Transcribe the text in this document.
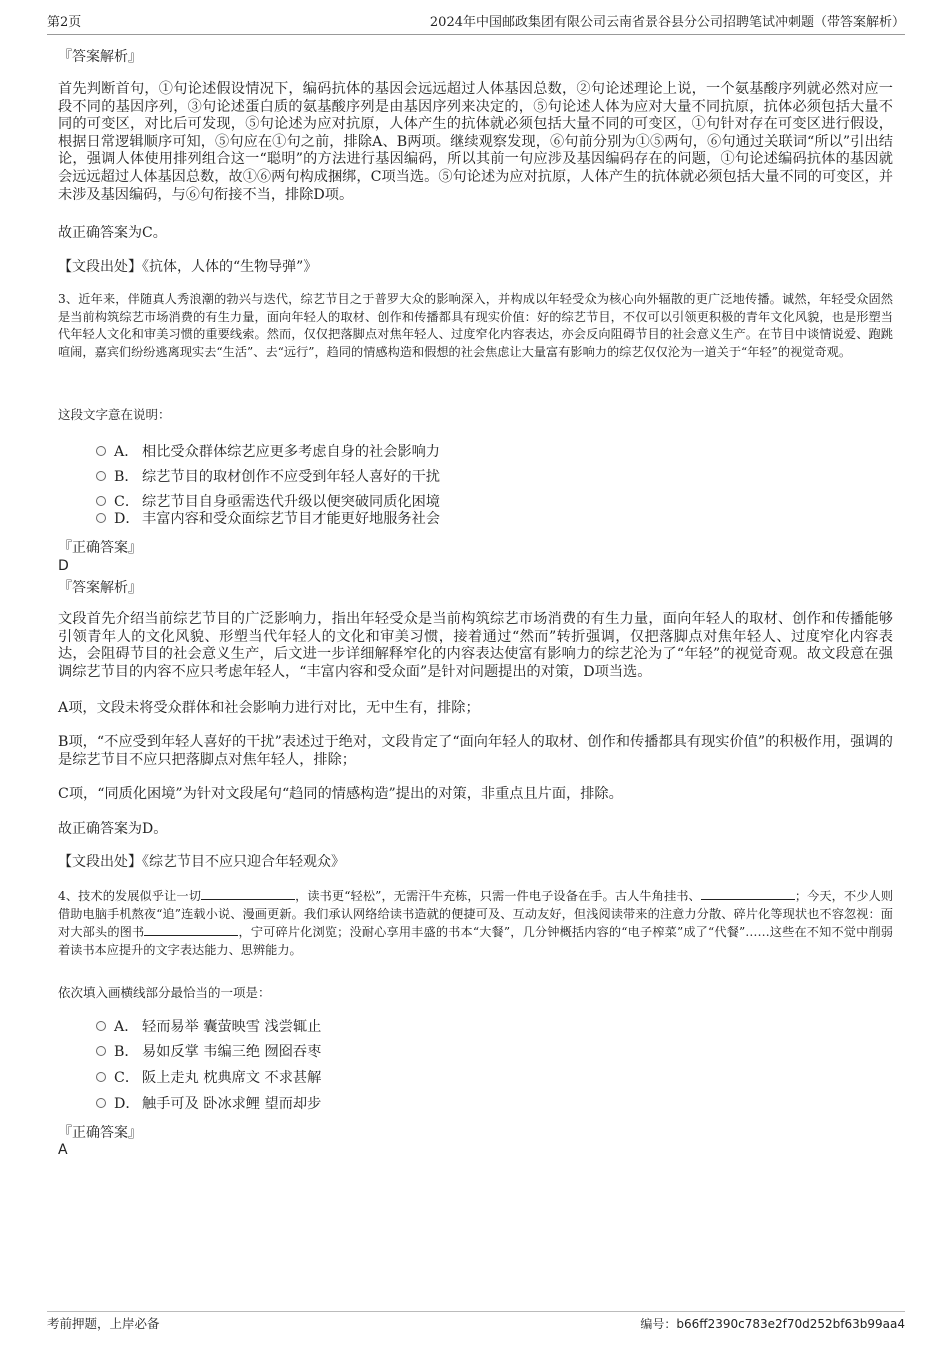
第2页	2024年中国邮政集团有限公司云南省景谷县分公司招聘笔试冲刺题（带答案解析）
『答案解析』

首先判断首句，①句论述假设情况下，编码抗体的基因会远远超过人体基因总数，②句论述理论上说，一个氨基酸序列就必然对应一段不同的基因序列，③句论述蛋白质的氨基酸序列是由基因序列来决定的，⑤句论述人体为应对大量不同抗原，抗体必须包括大量不同的可变区，对比后可发现，⑤句论述为应对抗原，人体产生的抗体就必须包括大量不同的可变区，①句针对存在可变区进行假设，根据日常逻辑顺序可知，⑤句应在①句之前，排除A、B两项。继续观察发现，⑥句前分别为①⑤两句，⑥句通过关联词“所以”引出结论，强调人体使用排列组合这一“聪明”的方法进行基因编码，所以其前一句应涉及基因编码存在的问题，①句论述编码抗体的基因就会远远超过人体基因总数，故①⑥两句构成捆绑，C项当选。⑤句论述为应对抗原，人体产生的抗体就必须包括大量不同的可变区，并未涉及基因编码，与⑥句衔接不当，排除D项。

故正确答案为C。
【文段出处】《抗体，人体的“生物导弹”》

3、近年来，伴随真人秀浪潮的勃兴与迭代，综艺节目之于普罗大众的影响深入，并构成以年轻受众为核心向外辐散的更广泛地传播。诚然，年轻受众固然是当前构筑综艺市场消费的有生力量，面向年轻人的取材、创作和传播都具有现实价值：好的综艺节目，不仅可以引领更积极的青年文化风貌，也是形塑当代年轻人文化和审美习惯的重要线索。然而，仅仅把落脚点对焦年轻人、过度窄化内容表达，亦会反向阻碍节目的社会意义生产。在节目中谈情说爱、跑跳喧闹，嘉宾们纷纷逃离现实去“生活”、去“远行”，趋同的情感构造和假想的社会焦虑让大量富有影响力的综艺仅仅沦为一道关于“年轻”的视觉奇观。

这段文字意在说明：
A． 相比受众群体综艺应更多考虑自身的社会影响力
B． 综艺节目的取材创作不应受到年轻人喜好的干扰
C． 综艺节目自身亟需迭代升级以便突破同质化困境
D． 丰富内容和受众面综艺节目才能更好地服务社会
『正确答案』
D
『答案解析』

文段首先介绍当前综艺节目的广泛影响力，指出年轻受众是当前构筑综艺市场消费的有生力量，面向年轻人的取材、创作和传播能够引领青年人的文化风貌、形塑当代年轻人的文化和审美习惯，接着通过“然而”转折强调，仅把落脚点对焦年轻人、过度窄化内容表达，会阻碍节目的社会意义生产，后文进一步详细解释窄化的内容表达使富有影响力的综艺沦为了“年轻”的视觉奇观。故文段意在强调综艺节目的内容不应只考虑年轻人，“丰富内容和受众面”是针对问题提出的对策，D项当选。

A项，文段未将受众群体和社会影响力进行对比，无中生有，排除；

B项，“不应受到年轻人喜好的干扰”表述过于绝对，文段肯定了“面向年轻人的取材、创作和传播都具有现实价值”的积极作用，强调的是综艺节目不应只把落脚点对焦年轻人，排除；

C项，“同质化困境”为针对文段尾句“趋同的情感构造”提出的对策，非重点且片面，排除。

故正确答案为D。
【文段出处】《综艺节目不应只迎合年轻观众》

4、技术的发展似乎让一切	，读书更“轻松”，无需汗牛充栋，只需一件电子设备在手。古人牛角挂书、	；今天，不少人则借助电脑手机熬夜“追”连载小说、漫画更新。我们承认网络给读书造就的便捷可及、互动友好，但浅阅读带来的注意力分散、碎片化等现状也不容忽视：面对大部头的图书	，宁可碎片化浏览；没耐心享用丰盛的书本“大餐”，几分钟概括内容的“电子榨菜”成了“代餐”……这些在不知不觉中削弱着读书本应提升的文字表达能力、思辨能力。

依次填入画横线部分最恰当的一项是：
A． 轻而易举 囊萤映雪 浅尝辄止
B． 易如反掌 韦编三绝 囫囵吞枣
C． 阪上走丸 枕典席文 不求甚解
D． 触手可及 卧冰求鲤 望而却步
『正确答案』
A
考前押题，上岸必备	编号：b66ff2390c783e2f70d252bf63b99aa4
